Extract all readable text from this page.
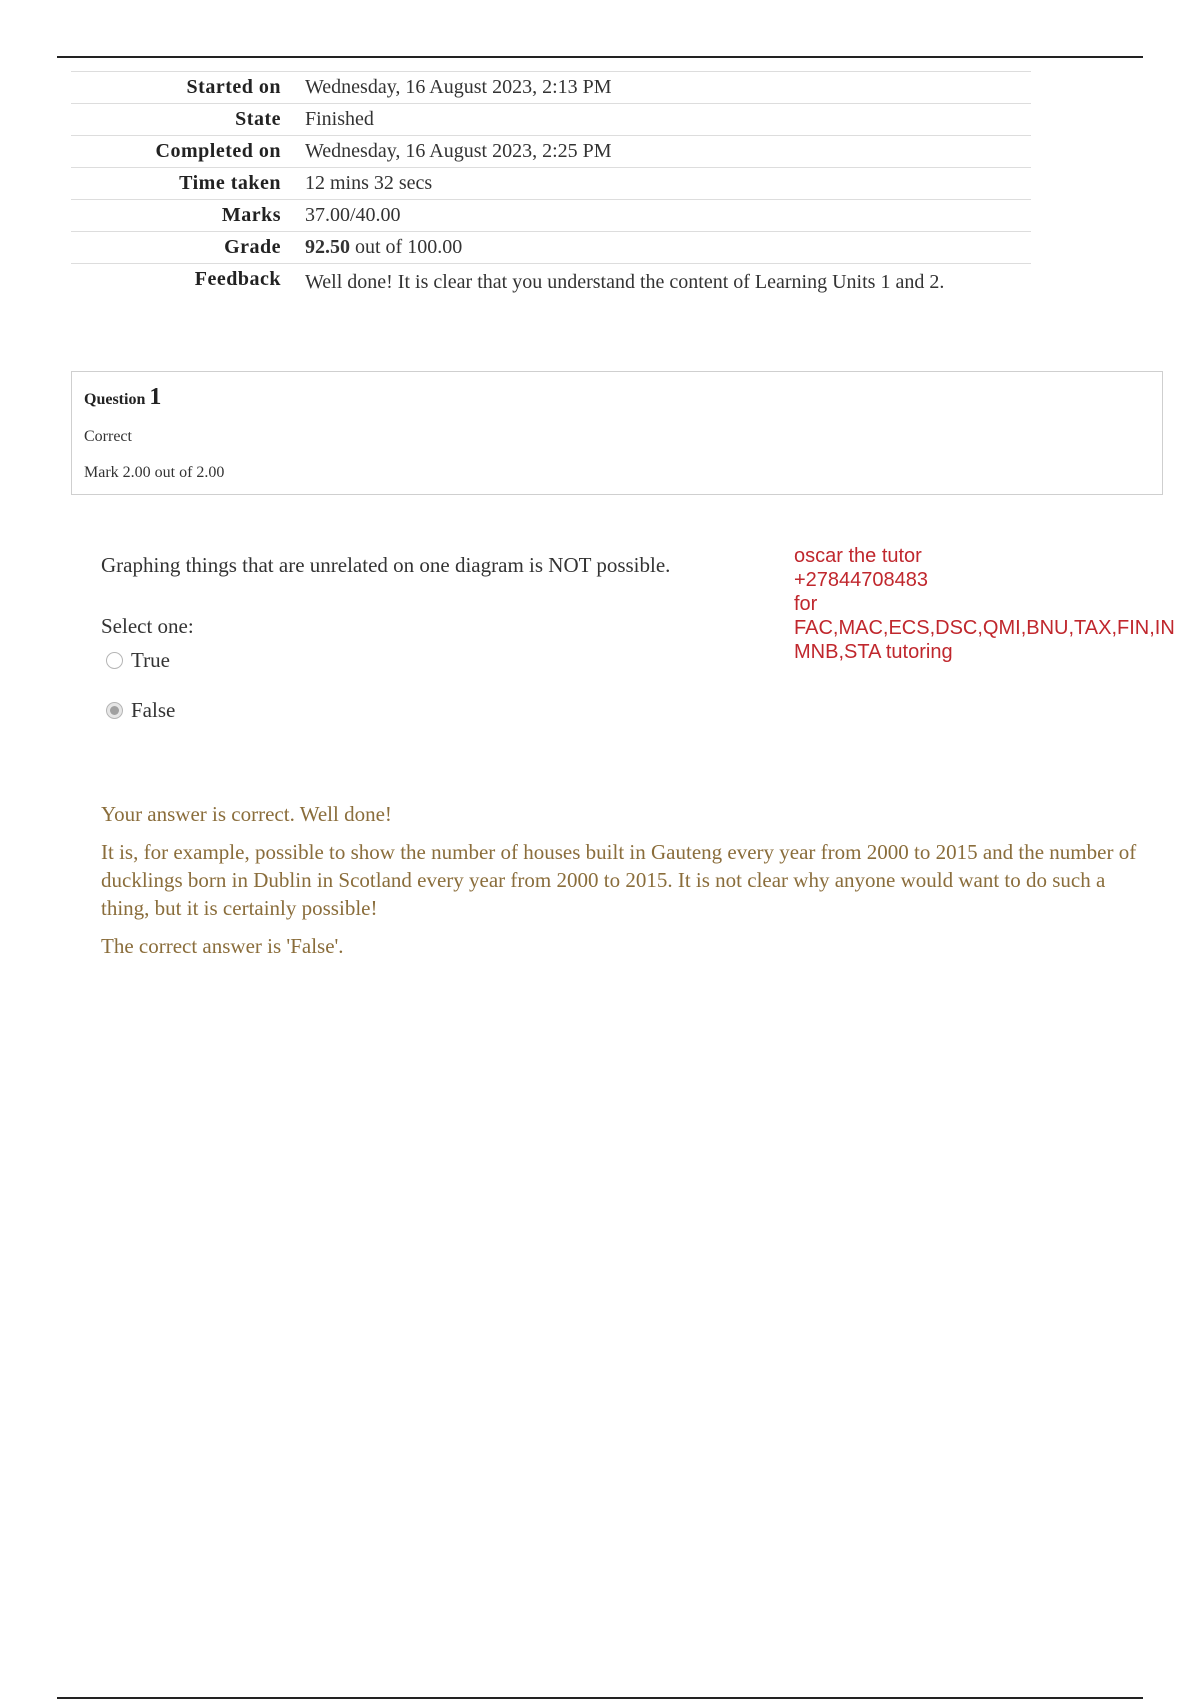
Started on	Wednesday, 16 August 2023, 2:13 PM
State	Finished
Completed on	Wednesday, 16 August 2023, 2:25 PM
Time taken	12 mins 32 secs
Marks	37.00/40.00
Grade	92.50 out of 100.00
Feedback	Well done! It is clear that you understand the content of Learning Units 1 and 2.
Question 1
Correct
Mark 2.00 out of 2.00

Graphing things that are unrelated on one diagram is NOT possible.

Select one:

True
False
oscar the tutor
+27844708483
for
FAC,MAC,ECS,DSC,QMI,BNU,TAX,FIN,IN
MNB,STA tutoring

Your answer is correct. Well done!

It is, for example, possible to show the number of houses built in Gauteng every year from 2000 to 2015 and the number of ducklings born in Dublin in Scotland every year from 2000 to 2015. It is not clear why anyone would want to do such a thing, but it is certainly possible!

The correct answer is 'False'.
